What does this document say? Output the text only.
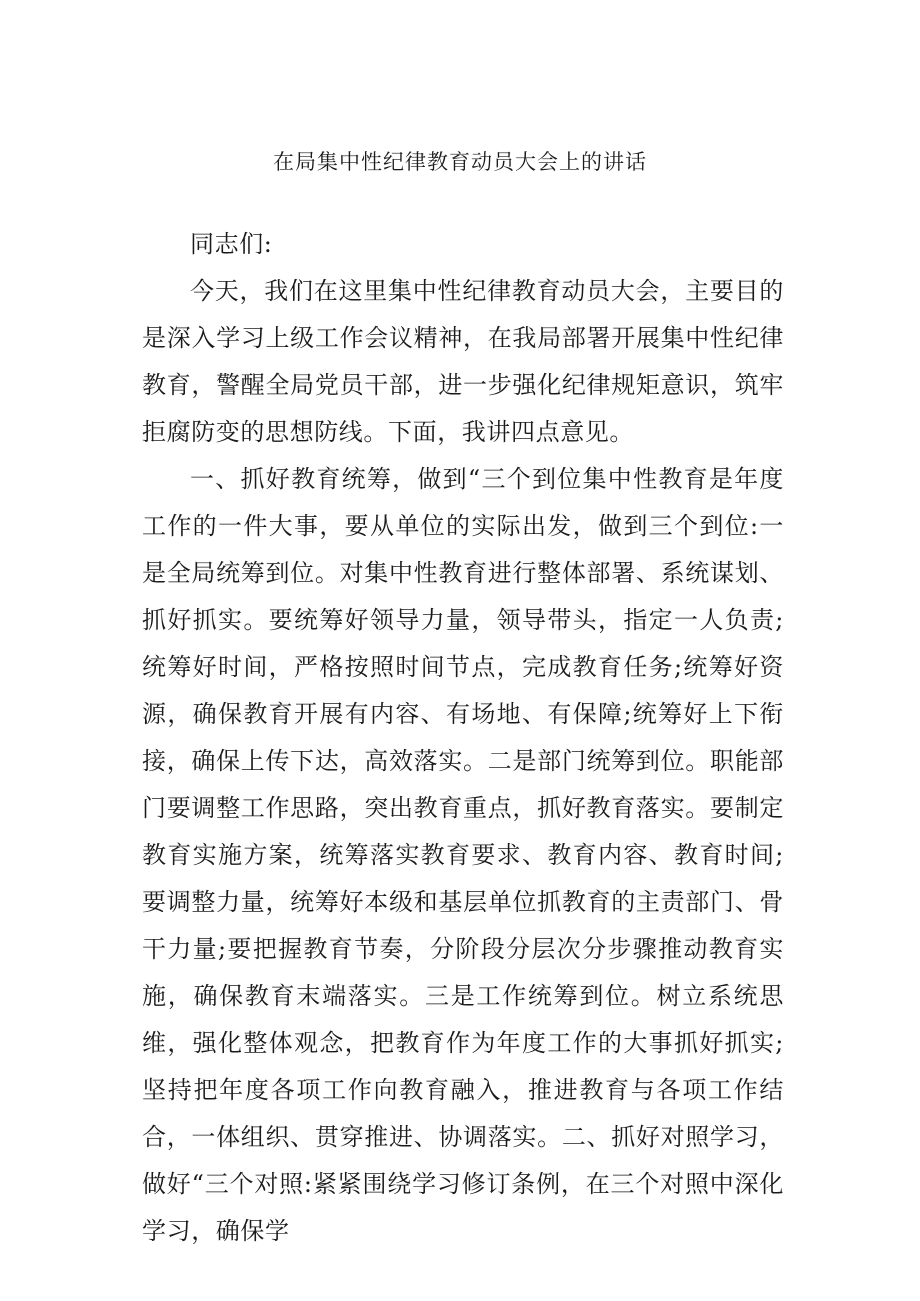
在局集中性纪律教育动员大会上的讲话

同志们:

今天，我们在这里集中性纪律教育动员大会，主要目的是深入学习上级工作会议精神，在我局部署开展集中性纪律教育，警醒全局党员干部，进一步强化纪律规矩意识，筑牢拒腐防变的思想防线。下面，我讲四点意见。

一、抓好教育统筹，做到“三个到位集中性教育是年度工作的一件大事，要从单位的实际出发，做到三个到位:一是全局统筹到位。对集中性教育进行整体部署、系统谋划、抓好抓实。要统筹好领导力量，领导带头，指定一人负责;统筹好时间，严格按照时间节点，完成教育任务;统筹好资源，确保教育开展有内容、有场地、有保障;统筹好上下衔接，确保上传下达，高效落实。二是部门统筹到位。职能部门要调整工作思路，突出教育重点，抓好教育落实。要制定教育实施方案，统筹落实教育要求、教育内容、教育时间;要调整力量，统筹好本级和基层单位抓教育的主责部门、骨干力量;要把握教育节奏，分阶段分层次分步骤推动教育实施，确保教育末端落实。三是工作统筹到位。树立系统思维，强化整体观念，把教育作为年度工作的大事抓好抓实;坚持把年度各项工作向教育融入，推进教育与各项工作结合，一体组织、贯穿推进、协调落实。二、抓好对照学习，做好“三个对照:紧紧围绕学习修订条例，在三个对照中深化学习，确保学
